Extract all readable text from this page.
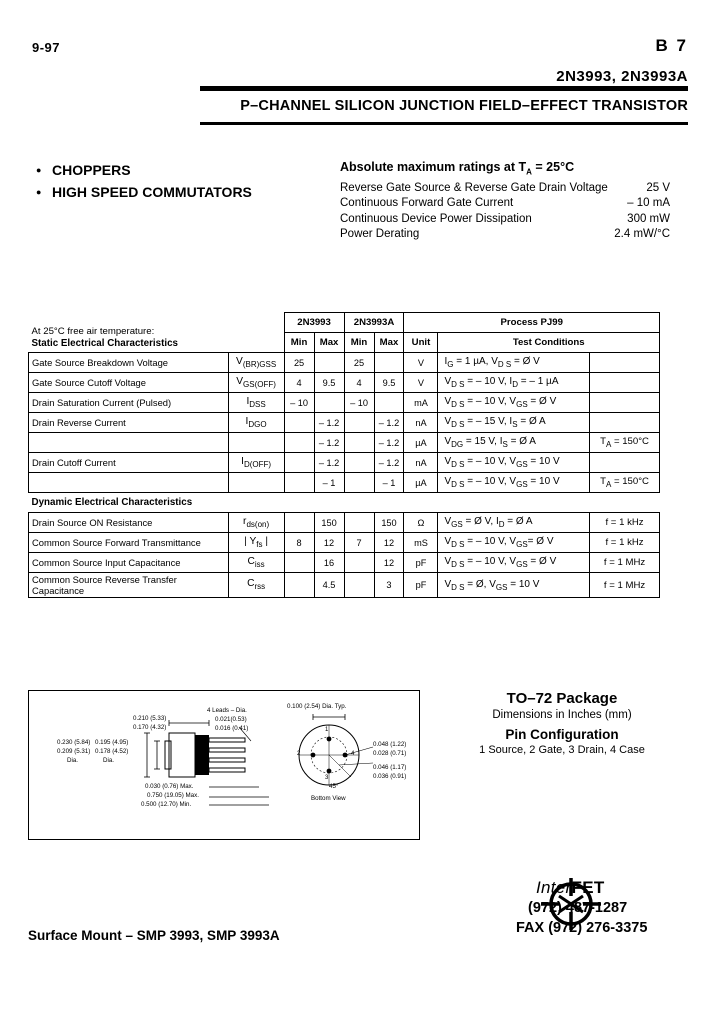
9-97	B 7
2N3993, 2N3993A
P–CHANNEL SILICON JUNCTION FIELD–EFFECT TRANSISTOR
● CHOPPERS
● HIGH SPEED COMMUTATORS
Absolute maximum ratings at $T_A = 25^\circ C$
Reverse Gate Source & Reverse Gate Drain Voltage	25 V
Continuous Forward Gate Current	– 10 mA
Continuous Device Power Dissipation	300 mW
Power Derating	2.4 mW/°C
At 25°C free air temperature:
Static Electrical Characteristics		2N3993		2N3993A		Process PJ99		
		Min	Max	Min	Max	Unit	Test Conditions	
Gate Source Breakdown Voltage	$V_{(BR)GSS}$	25		25		V	$I_G = 1$ µA, $V_{D S}$ = Ø V	
Gate Source Cutoff Voltage	$V_{GS(OFF)}$	4	9.5	4	9.5	V	$V_{D S}$ = – 10 V, $I_D$ = – 1 µA	
Drain Saturation Current (Pulsed)	$I_{DSS}$	– 10		– 10		mA	$V_{D S}$ = – 10 V, $V_{GS}$ = Ø V	
Drain Reverse Current	$I_{DGO}$		– 1.2		– 1.2	nA	$V_{D S}$ = – 15 V, $I_S$ = Ø A	
			– 1.2		– 1.2	µA	$V_{DG} = 15$ V, $I_S$ = Ø A	$T_A = 150^\circ C$
Drain Cutoff Current	$I_{D(OFF)}$		– 1.2		– 1.2	nA	$V_{D S}$ = – 10 V, $V_{GS} = 10$ V	
			– 1		– 1	µA	$V_{D S}$ = – 10 V, $V_{GS} = 10$ V	$T_A = 150^\circ C$
Dynamic Electrical Characteristics								
Drain Source ON Resistance	$r_{ds(on)}$		150		150	Ω	$V_{GS}$ = Ø V, $I_D$ = Ø A	f = 1 kHz
Common Source Forward Transmittance	| $Y_{fs}$ |	8	12	7	12	mS	$V_{D S}$ = – 10 V, $V_{GS}=$ Ø V	f = 1 kHz
Common Source Input Capacitance	$C_{iss}$		16		12	pF	$V_{D S}$ = – 10 V, $V_{GS}$ = Ø V	f = 1 MHz
Common Source Reverse Transfer Capacitance	$C_{rss}$		4.5		3	pF	$V_{D S}$ = Ø, $V_{GS} = 10$ V	f = 1 MHz
0.210 (5.33)
0.170 (4.32)
0.230 (5.84)
0.209 (5.31)
Dia.
0.195 (4.95)
0.178 (4.52)
Dia.
4 Leads – Dia.
0.021(0.53)
0.016 (0.41)
0.030 (0.76) Max.
0.750 (19.05) Max.
0.500 (12.70) Min.
0.100 (2.54) Dia. Typ.
0.048 (1.22)
0.028 (0.71)
0.046 (1.17)
0.036 (0.91)
45°
Bottom View
1
2
3
4
TO–72 Package
Dimensions in Inches (mm)
Pin Configuration
1 Source, 2 Gate, 3 Drain, 4 Case
Surface Mount – SMP 3993, SMP 3993A
InterFET
(972) 487-1287
FAX (972) 276-3375
